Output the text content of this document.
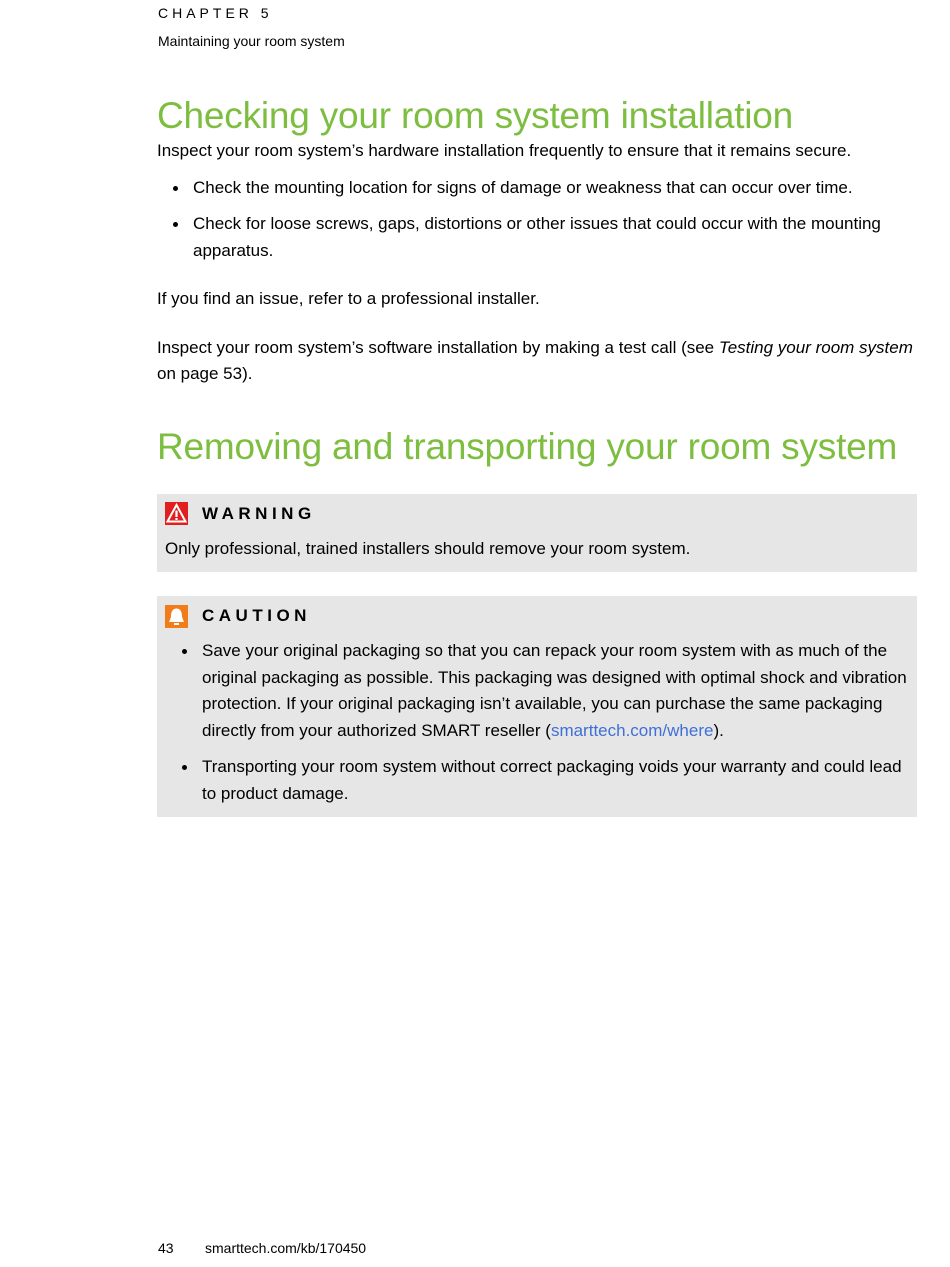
CHAPTER 5
Maintaining your room system
Checking your room system installation

Inspect your room system’s hardware installation frequently to ensure that it remains secure.

Check the mounting location for signs of damage or weakness that can occur over time.
Check for loose screws, gaps, distortions or other issues that could occur with the mounting apparatus.

If you find an issue, refer to a professional installer.

Inspect your room system’s software installation by making a test call (see Testing your room system on page 53).

Removing and transporting your room system
WARNING

Only professional, trained installers should remove your room system.

CAUTION
Save your original packaging so that you can repack your room system with as much of the original packaging as possible. This packaging was designed with optimal shock and vibration protection. If your original packaging isn’t available, you can purchase the same packaging directly from your authorized SMART reseller (smarttech.com/where).
Transporting your room system without correct packaging voids your warranty and could lead to product damage.
43 smarttech.com/kb/170450
